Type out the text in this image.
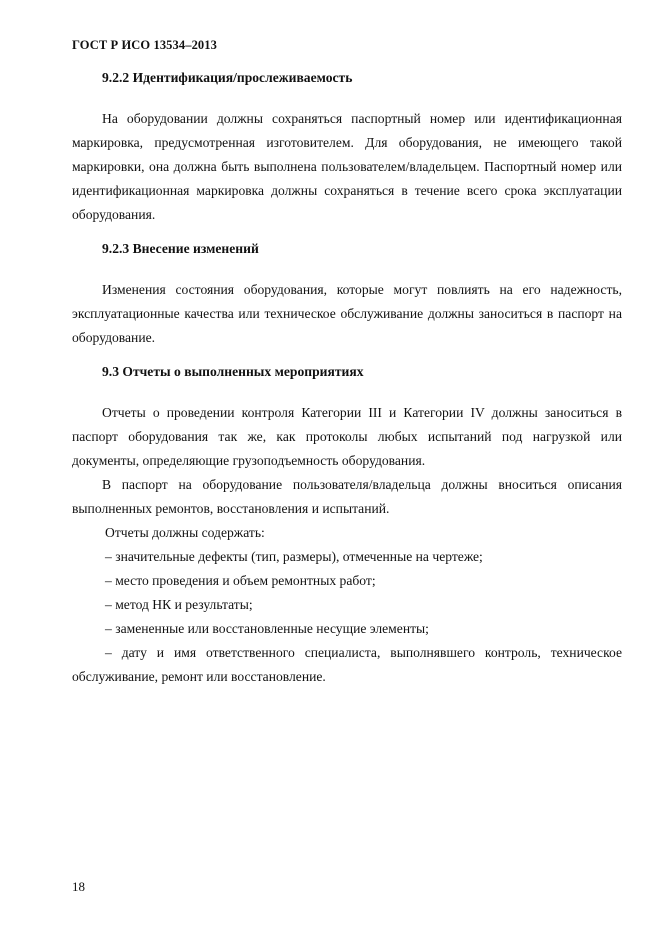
ГОСТ Р ИСО 13534–2013
9.2.2 Идентификация/прослеживаемость

На оборудовании должны сохраняться паспортный номер или идентификационная маркировка, предусмотренная изготовителем. Для оборудования, не имеющего такой маркировки, она должна быть выполнена пользователем/владельцем. Паспортный номер или идентификационная маркировка должны сохраняться в течение всего срока эксплуатации оборудования.

9.2.3 Внесение изменений

Изменения состояния оборудования, которые могут повлиять на его надежность, эксплуатационные качества или техническое обслуживание должны заноситься в паспорт на оборудование.

9.3 Отчеты о выполненных мероприятиях

Отчеты о проведении контроля Категории III и Категории IV должны заноситься в паспорт оборудования так же, как протоколы любых испытаний под нагрузкой или документы, определяющие грузоподъемность оборудования.

В паспорт на оборудование пользователя/владельца должны вноситься описания выполненных ремонтов, восстановления и испытаний.

Отчеты должны содержать:

– значительные дефекты (тип, размеры), отмеченные на чертеже;

– место проведения и объем ремонтных работ;

– метод НК и результаты;

– замененные или восстановленные несущие элементы;

– дату и имя ответственного специалиста, выполнявшего контроль, техническое обслуживание, ремонт или восстановление.

18
